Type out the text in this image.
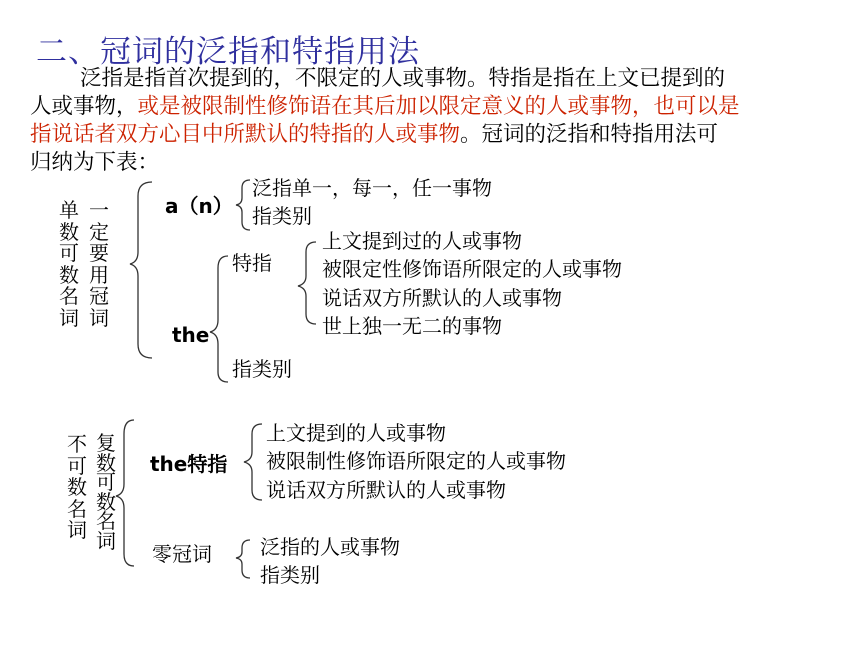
二、冠词的泛指和特指用法
泛指是指首次提到的，不限定的人或事物。特指是指在上文已提到的
人或事物，或是被限制性修饰语在其后加以限定意义的人或事物，也可以是
指说话者双方心目中所默认的特指的人或事物。冠词的泛指和特指用法可
归纳为下表：
单
数
可
数
名
词
一
定
要
用
冠
词
a（n）
泛指单一，每一，任一事物
指类别
the
特指
上文提到过的人或事物
被限定性修饰语所限定的人或事物
说话双方所默认的人或事物
世上独一无二的事物
指类别
不
可
数
名
词
复
数
可
数
名
词
the特指
上文提到的人或事物
被限制性修饰语所限定的人或事物
说话双方所默认的人或事物
零冠词 泛指的人或事物
指类别
